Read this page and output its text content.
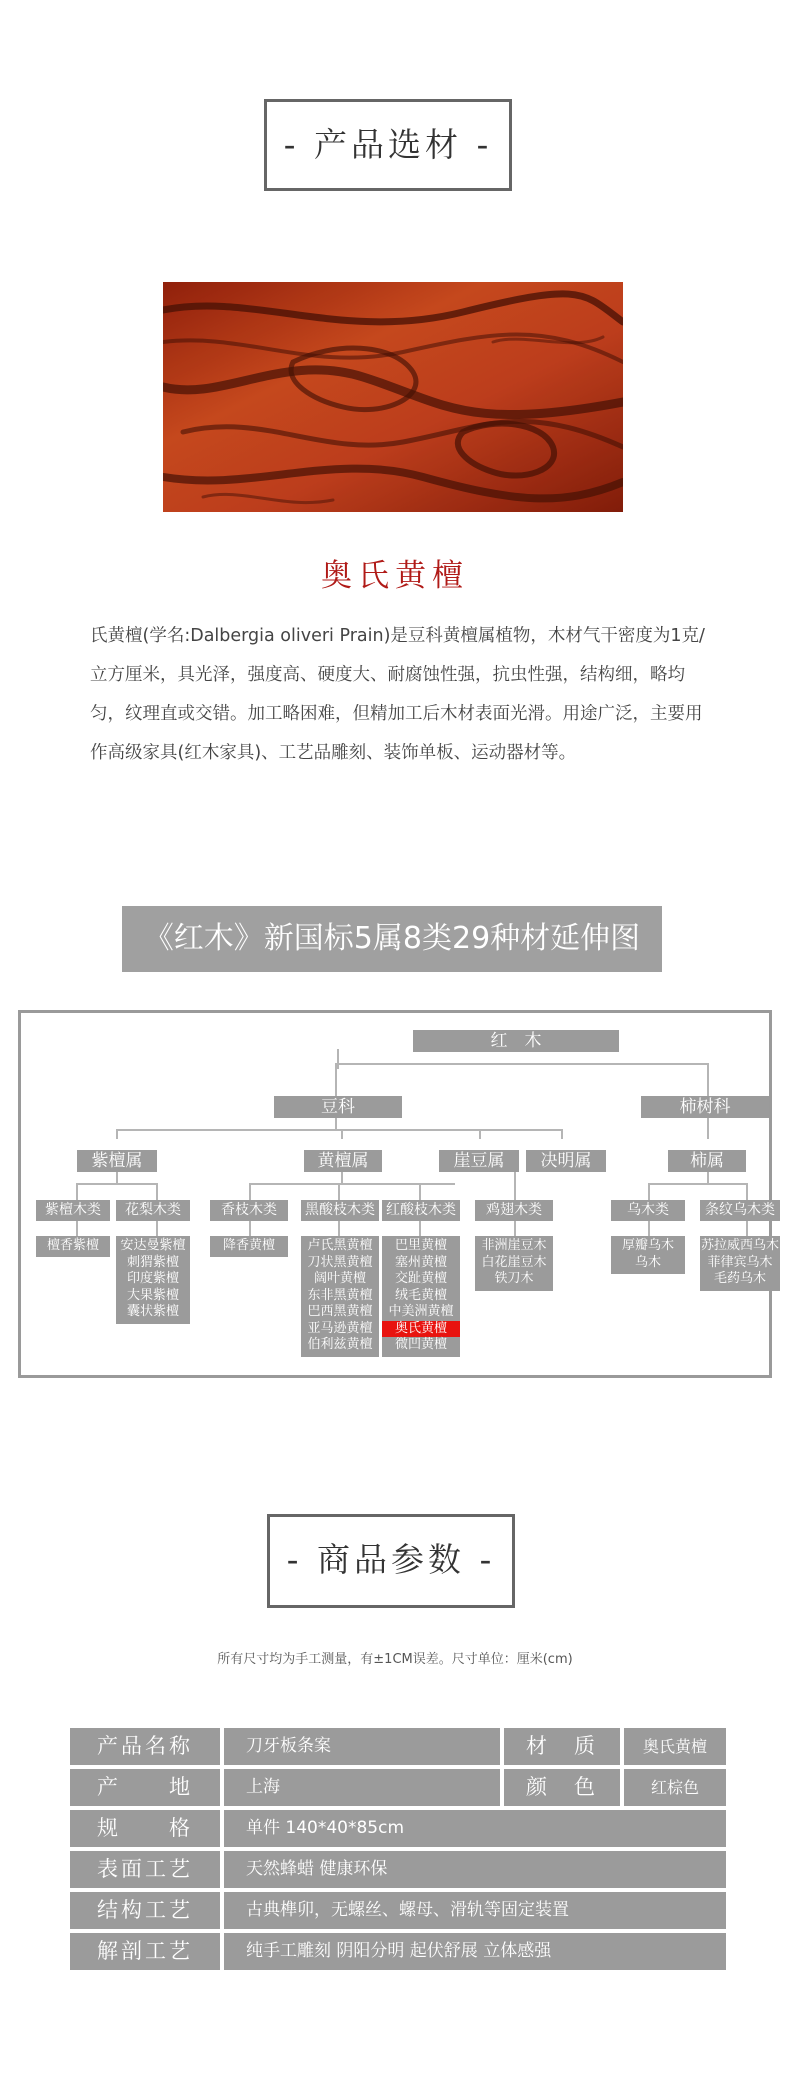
- 产品选材 -
奥氏黄檀
氏黄檀(学名:Dalbergia oliveri Prain)是豆科黄檀属植物，木材气干密度为1克/立方厘米，具光泽，强度高、硬度大、耐腐蚀性强，抗虫性强，结构细，略均匀，纹理直或交错。加工略困难，但精加工后木材表面光滑。用途广泛，主要用作高级家具(红木家具)、工艺品雕刻、装饰单板、运动器材等。
《红木》新国标5属8类29种材延伸图
红　木
豆科	柿树科
紫檀属	黄檀属	崖豆属	决明属	柿属
紫檀木类	花梨木类	香枝木类	黑酸枝木类 红酸枝木类	鸡翅木类	乌木类	条纹乌木类
檀香紫檀	安达曼紫檀
刺猬紫檀
印度紫檀
大果紫檀
囊状紫檀
降香黄檀	卢氏黑黄檀
刀状黑黄檀
阔叶黄檀
东非黑黄檀
巴西黑黄檀
亚马逊黄檀
伯利兹黄檀
巴里黄檀
塞州黄檀
交趾黄檀
绒毛黄檀
中美洲黄檀
奥氏黄檀
微凹黄檀
非洲崖豆木
白花崖豆木
铁刀木
厚瓣乌木
乌木
苏拉威西乌木
菲律宾乌木
毛药乌木
- 商品参数 -
所有尺寸均为手工测量，有±1CM误差。尺寸单位：厘米(cm)
产品名称	刀牙板条案	材　质	奥氏黄檀
产　　地	上海	颜　色	红棕色
规　　格	单件 140*40*85cm
表面工艺	天然蜂蜡 健康环保
结构工艺	古典榫卯，无螺丝、螺母、滑轨等固定装置
解剖工艺	纯手工雕刻 阴阳分明 起伏舒展 立体感强
